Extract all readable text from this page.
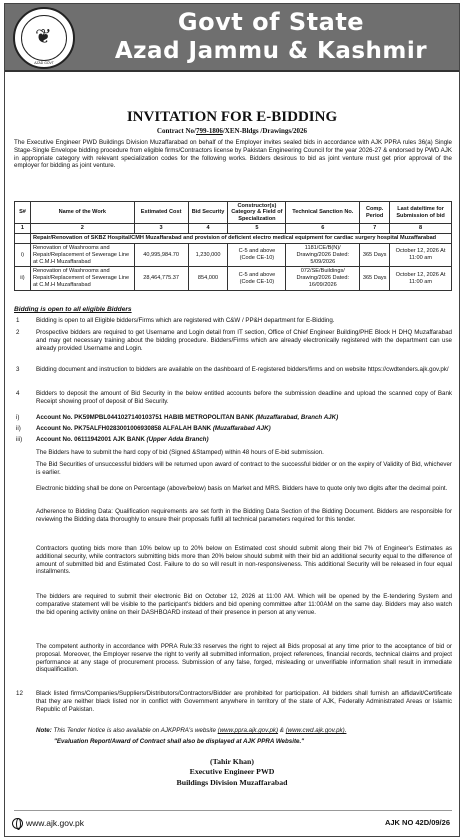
❦
AZAD GOVT
Govt of State
Azad Jammu & Kashmir
INVITATION FOR E-BIDDING
Contract No/799-1806/XEN-Bldgs /Drawings/2026
The Executive Engineer PWD Buildings Division Muzaffarabad on behalf of the Employer invites sealed bids in accordance with AJK PPRA rules 36(a) Single Stage-Single Envelope bidding procedure from eligible firms/Contractors license by Pakistan Engineering Council for the year 2026-27 & endorsed by PWD AJK in appropriate category with relevant specialization codes for the following works. Bidders desirous to bid as joint venture must get prior approval of the employer for bidding as joint venture.
S#	Name of the Work	Estimated Cost	Bid Security	Constructor(s) Category & Field of Specialization	Technical Sanction No.	Comp. Period	Last date/time for Submission of bid
1	2	3	4	5	6	7	8
	Repair/Renovation of SKBZ Hospital/CMH Muzaffarabad and provision of deficient electro medical equipment for cardiac surgery hospital Muzaffarabad						
i)	Renovation of Washrooms and Repair/Replacement of Sewerage Line at C.M.H Muzaffarabad	40,995,984.70	1,230,000	C-5 and above (Code CE-10)	1181/CE/B(N)/ Drawing/2026 Dated: 5/09/2026	365 Days	October 12, 2026 At 11:00 am
ii)	Renovation of Washrooms and Repair/Replacement of Sewerage Line at C.M.H Muzaffarabad	28,464,775.37	854,000	C-5 and above (Code CE-10)	072/SE/Buildings/ Drawing/2026 Dated: 16/09/2026	365 Days	October 12, 2026 At 11:00 am
Bidding is open to all eligible Bidders
1	Bidding is open to all Eligible bidders/Firms which are registered with C&W / PP&H department for E-Bidding.
2	Prospective bidders are required to get Username and Login detail from IT section, Office of Chief Engineer Building/PHE Block H DHQ Muzaffarabad and may get necessary training about the bidding procedure. Bidders/Firms which are already electronically registered with the department can use already provided Username and Login.
3	Bidding document and instruction to bidders are available on the dashboard of E-registered bidders/firms and on website https://cwdtenders.ajk.gov.pk/
4	Bidders to deposit the amount of Bid Security in the below entitled accounts before the submission deadline and upload the scanned copy of Bank Receipt showing proof of deposit of Bid Security.
i)	Account No. PK59MPBL0441027140103751 HABIB METROPOLITAN BANK (Muzaffarabad, Branch AJK)
ii) Account No. PK75ALFH0283001006930858 ALFALAH BANK (Muzaffarabad AJK)
iii) Account No. 06111942001 AJK BANK (Upper Adda Branch)
The Bidders have to submit the hard copy of bid (Signed &Stamped) within 48 hours of E-bid submission.
The Bid Securities of unsuccessful bidders will be returned upon award of contract to the successful bidder or on the expiry of Validity of Bid, whichever is earlier.
Electronic bidding shall be done on Percentage (above/below) basis on Market and MRS. Bidders have to quote only two digits after the decimal point.
Adherence to Bidding Data: Qualification requirements are set forth in the Bidding Data Section of the Bidding Document. Bidders are responsible for reviewing the Bidding data thoroughly to ensure their proposals fulfill all technical parameters required for this tender.
Contractors quoting bids more than 10% below up to 20% below on Estimated cost should submit along their bid 7% of Engineer's Estimates as additional security, while contractors submitting bids more than 20% below should submit with their bid an additional security equal to the difference of amount of submitted bid and Estimated Cost. Failure to do so will result in non-responsiveness. This additional Security will be released in four equal installments.
The bidders are required to submit their electronic Bid on October 12, 2026 at 11:00 AM. Which will be opened by the E-tendering System and comparative statement will be visible to the participant's bidders and bid opening committee after 11:00AM on the same day. Bidders may also watch the bid opening activity online on their DASHBOARD instead of their presence in person at any venue.
The competent authority in accordance with PPRA Rule:33 reserves the right to reject all Bids proposal at any time prior to the acceptance of bid or proposal. Moreover, the Employer reserve the right to verify all submitted information, project references, financial records, technical claims and project performance at any stage of procurement process. Submission of any false, forged, misleading or unverifiable information shall result in immediate disqualification.
12 Black listed firms/Companies/Suppliers/Distributors/Contractors/Bidder are prohibited for participation. All bidders shall furnish an affidavit/Certificate that they are neither black listed nor in conflict with Government anywhere in territory of the state of AJK, Federally Administrated Areas or Islamic Republic of Pakistan.
Note: This Tender Notice is also available on AJKPPRA's website (www.ppra.ajk.gov.pk) & (www.cwd.ajk.gov.pk).
"Evaluation Report/Award of Contract shall also be displayed at AJK PPRA Website."
(Tahir Khan)
Executive Engineer PWD
Buildings Division Muzaffarabad
www.ajk.gov.pk	AJK NO 42D/09/26
